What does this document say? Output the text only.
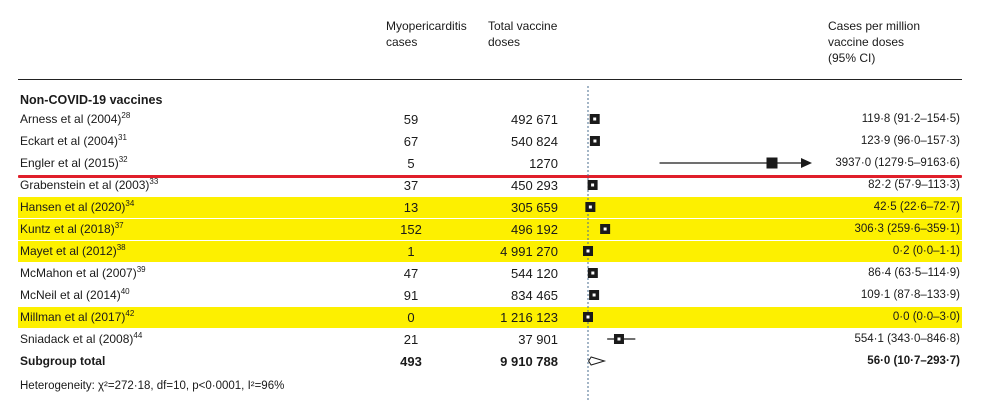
Myopericarditis
cases
Total vaccine
doses
Cases per million
vaccine doses
(95% CI)
Non-COVID-19 vaccines
Arness et al $(2004)^{28}$	59	492 671	119·8 (91·2–154·5)
Eckart et al $(2004)^{31}$	67	540 824	123·9 (96·0–157·3)
Engler et al $(2015)^{32}$	5	1270	3937·0 (1279·5–9163·6)
Grabenstein et al $(2003)^{33}$	37	450 293	82·2 (57·9–113·3)
Hansen et al $(2020)^{34}$	13	305 659	42·5 (22·6–72·7)
Kuntz et al $(2018)^{37}$	152	496 192	306·3 (259·6–359·1)
Mayet et al $(2012)^{38}$	1	4 991 270	0·2 (0·0–1·1)
McMahon et al $(2007)^{39}$	47	544 120	86·4 (63·5–114·9)
McNeil et al $(2014)^{40}$	91	834 465	109·1 (87·8–133·9)
Millman et al $(2017)^{42}$	0	1 216 123	0·0 (0·0–3·0)
Sniadack et al $(2008)^{44}$	21	37 901	554·1 (343·0–846·8)
Subgroup total	493	9 910 788	56·0 (10·7–293·7)
Heterogeneity: χ²=272·18, df=10, p<0·0001, I²=96%
